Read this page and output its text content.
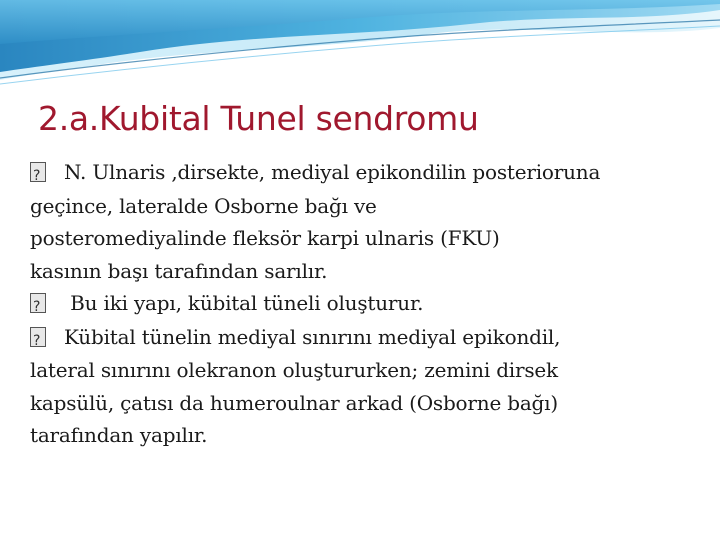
2.a.Kubital Tunel sendromu

?N. Ulnaris ,dirsekte, mediyal epikondilin posterioruna
geçince, lateralde Osborne bağı ve
posteromediyalinde fleksör karpi ulnaris (FKU)
kasının başı tarafından sarılır.

? Bu iki yapı, kübital tüneli oluşturur.

?Kübital tünelin mediyal sınırını mediyal epikondil,
lateral sınırını olekranon oluştururken; zemini dirsek
kapsülü, çatısı da humeroulnar arkad (Osborne bağı)
tarafından yapılır.
